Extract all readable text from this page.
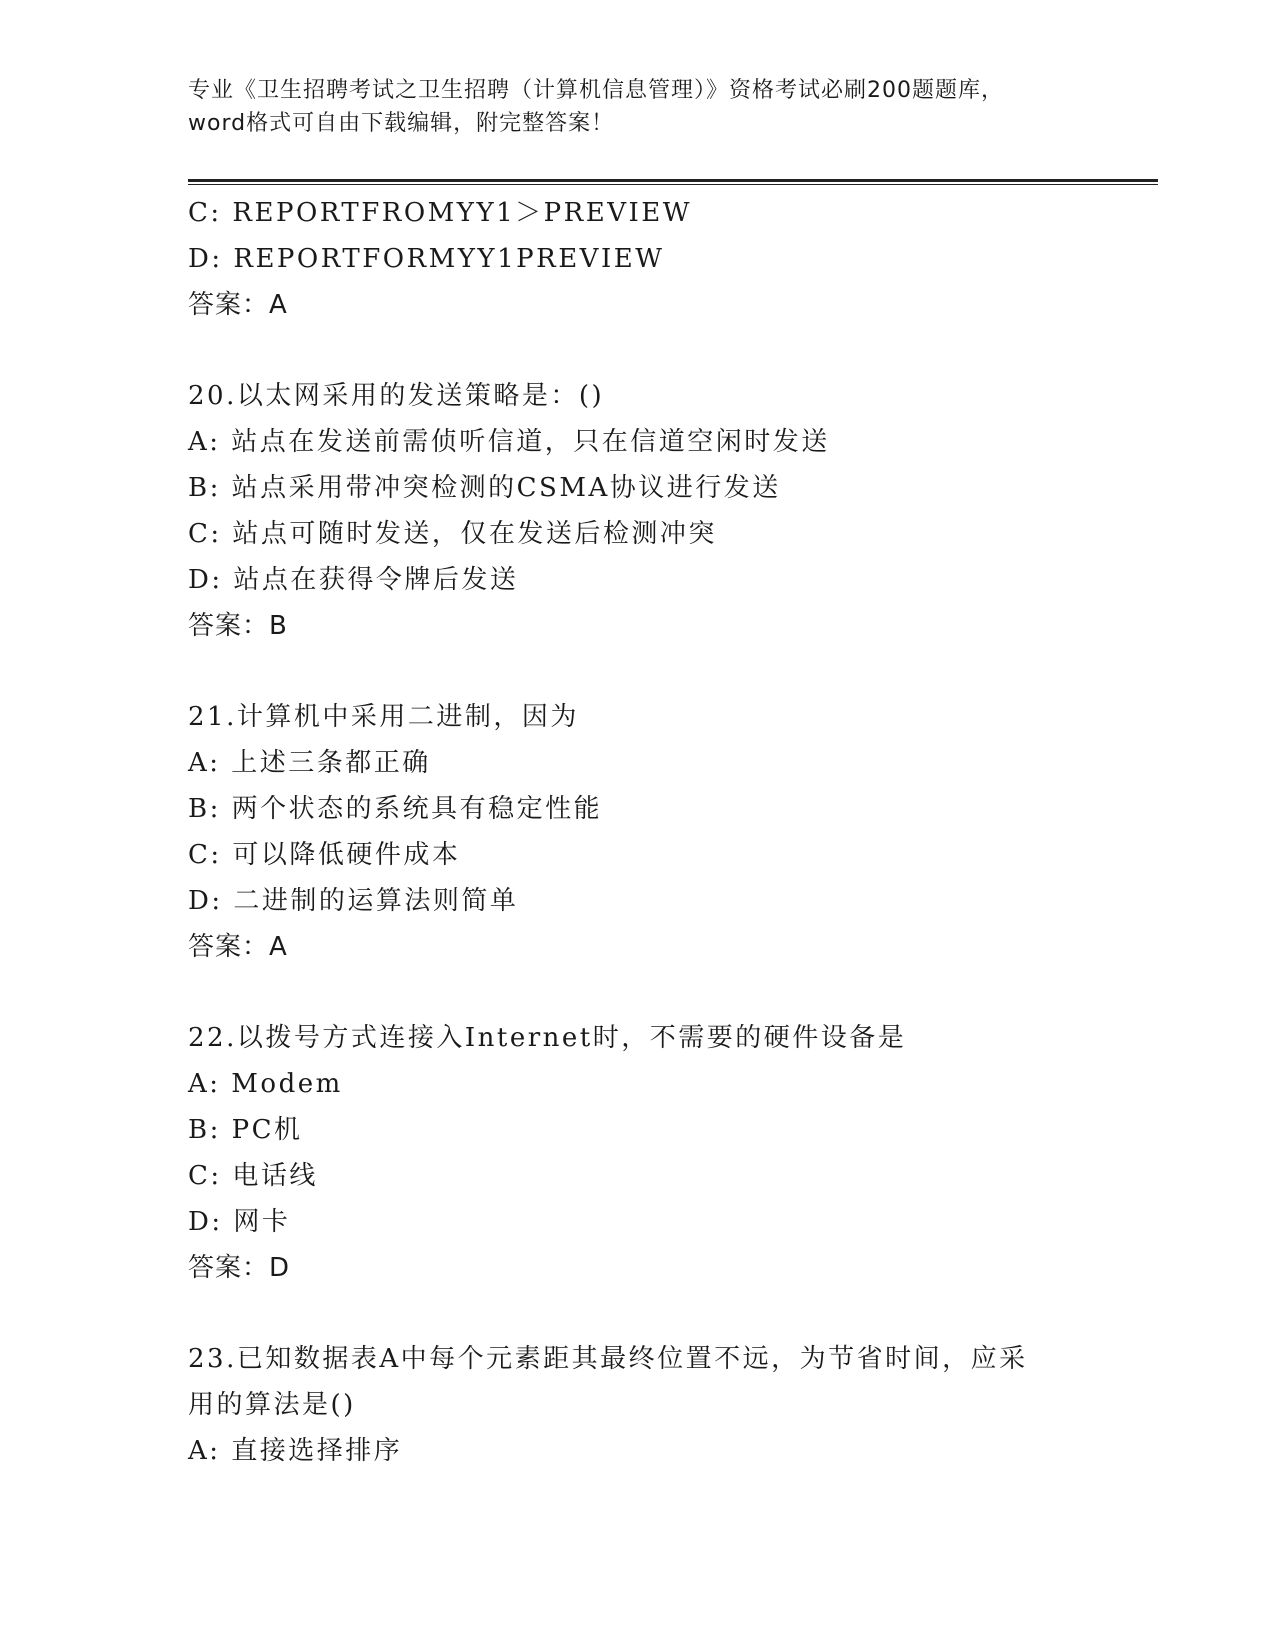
专业《卫生招聘考试之卫生招聘（计算机信息管理）》资格考试必刷200题题库，
word格式可自由下载编辑，附完整答案！
C: REPORTFROMYY1＞PREVIEW
D: REPORTFORMYY1PREVIEW
答案：A
20.以太网采用的发送策略是：()
A: 站点在发送前需侦听信道，只在信道空闲时发送
B: 站点采用带冲突检测的CSMA协议进行发送
C: 站点可随时发送，仅在发送后检测冲突
D: 站点在获得令牌后发送
答案：B
21.计算机中采用二进制，因为
A: 上述三条都正确
B: 两个状态的系统具有稳定性能
C: 可以降低硬件成本
D: 二进制的运算法则简单
答案：A
22.以拨号方式连接入Internet时，不需要的硬件设备是
A: Modem
B: PC机
C: 电话线
D: 网卡
答案：D
23.已知数据表A中每个元素距其最终位置不远，为节省时间，应采用的算法是()
A: 直接选择排序
